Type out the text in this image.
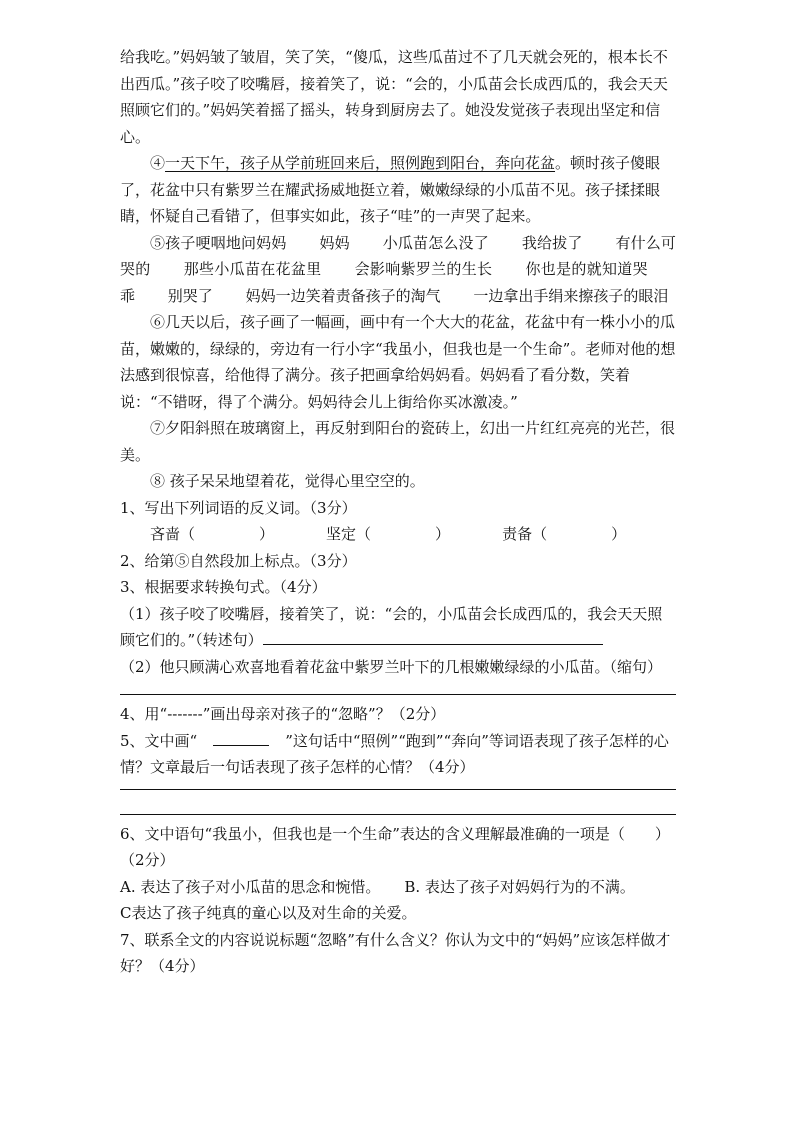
给我吃。”妈妈皱了皱眉，笑了笑，“傻瓜，这些瓜苗过不了几天就会死的，根本长不出西瓜。”孩子咬了咬嘴唇，接着笑了，说：“会的，小瓜苗会长成西瓜的，我会天天照顾它们的。”妈妈笑着摇了摇头，转身到厨房去了。她没发觉孩子表现出坚定和信心。

④一天下午，孩子从学前班回来后，照例跑到阳台，奔向花盆。顿时孩子傻眼了，花盆中只有紫罗兰在耀武扬威地挺立着，嫩嫩绿绿的小瓜苗不见。孩子揉揉眼睛，怀疑自己看错了，但事实如此，孩子“哇”的一声哭了起来。

⑤孩子哽咽地问妈妈 妈妈 小瓜苗怎么没了 我给拔了 有什么可哭的 那些小瓜苗在花盆里 会影响紫罗兰的生长 你也是的就知道哭 乖 别哭了 妈妈一边笑着责备孩子的淘气 一边拿出手绢来擦孩子的眼泪

⑥几天以后，孩子画了一幅画，画中有一个大大的花盆，花盆中有一株小小的瓜苗，嫩嫩的，绿绿的，旁边有一行小字“我虽小，但我也是一个生命”。老师对他的想法感到很惊喜，给他得了满分。孩子把画拿给妈妈看。妈妈看了看分数，笑着说：“不错呀，得了个满分。妈妈待会儿上街给你买冰激凌。”

⑦夕阳斜照在玻璃窗上，再反射到阳台的瓷砖上，幻出一片红红亮亮的光芒，很美。

⑧ 孩子呆呆地望着花，觉得心里空空的。

1、写出下列词语的反义词。（3分）

吝啬（	）	坚定（	）	责备（	）

2、给第⑤自然段加上标点。（3分）

3、根据要求转换句式。（4分）

（1）孩子咬了咬嘴唇，接着笑了，说：“会的，小瓜苗会长成西瓜的，我会天天照顾它们的。”（转述句）

（2）他只顾满心欢喜地看着花盆中紫罗兰叶下的几根嫩嫩绿绿的小瓜苗。（缩句）

4、用“-------”画出母亲对孩子的“忽略”？（2分）

5、文中画“	”这句话中“照例”“跑到”“奔向”等词语表现了孩子怎样的心情？文章最后一句话表现了孩子怎样的心情？（4分）

6、文中语句“我虽小，但我也是一个生命”表达的含义理解最准确的一项是（　　）（2分）

A. 表达了孩子对小瓜苗的思念和惋惜。 B. 表达了孩子对妈妈行为的不满。

C表达了孩子纯真的童心以及对生命的关爱。

7、联系全文的内容说说标题“忽略”有什么含义？你认为文中的“妈妈”应该怎样做才好？（4分）
